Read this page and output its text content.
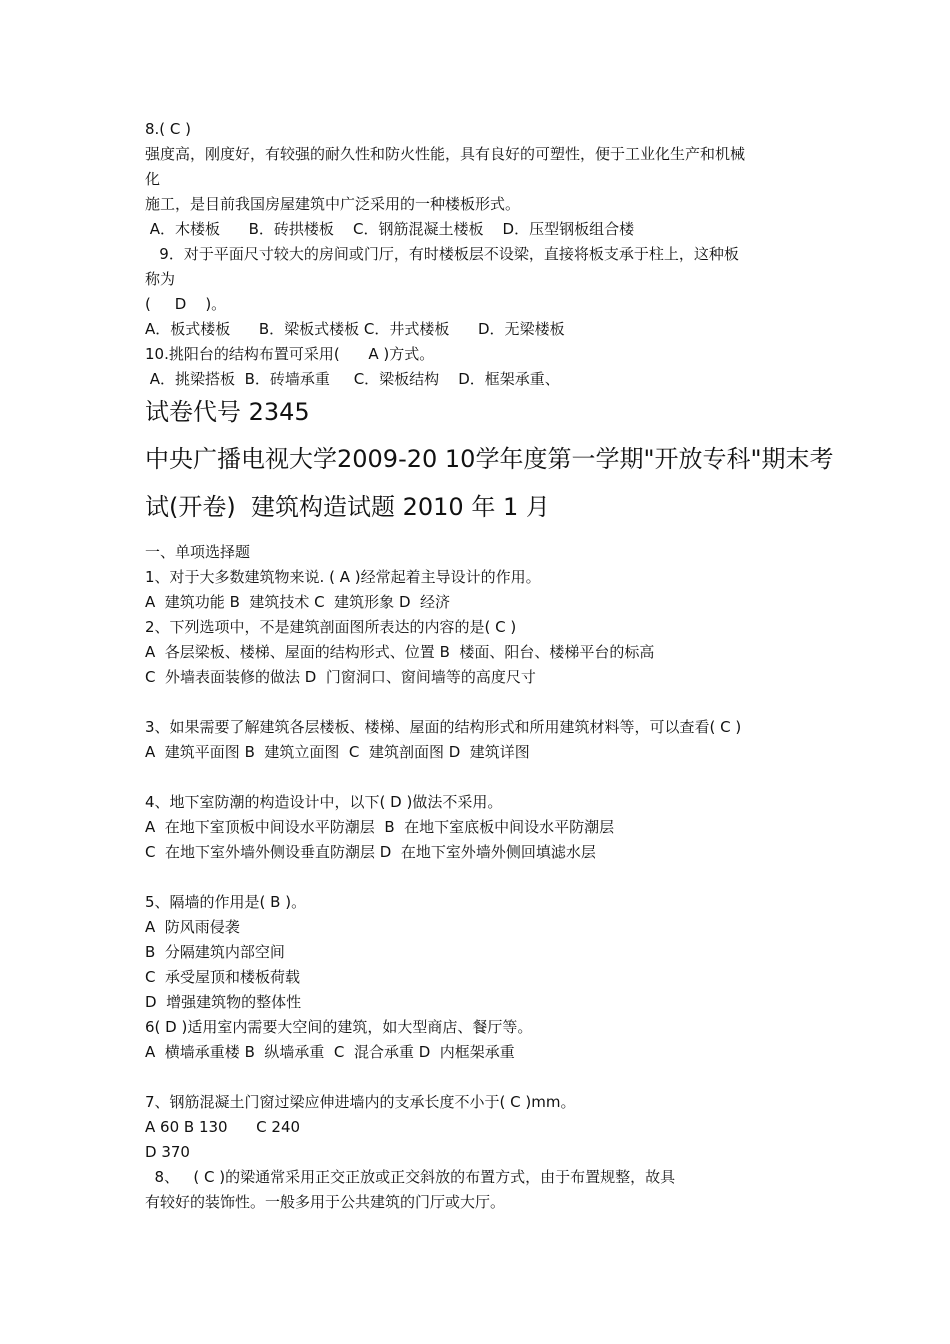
8.( C )

强度高，刚度好，有较强的耐久性和防火性能，具有良好的可塑性，便于工业化生产和机械

化

施工，是目前我国房屋建筑中广泛采用的一种楼板形式。

A．木楼板      B．砖拱楼板    C．钢筋混凝土楼板    D．压型钢板组合楼

9．对于平面尺寸较大的房间或门厅，有时楼板层不设梁，直接将板支承于柱上，这种板

称为

(     D    )。

A．板式楼板      B．梁板式楼板 C．井式楼板      D．无梁楼板

10.挑阳台的结构布置可采用(      A )方式。

A．挑梁搭板  B．砖墙承重     C．梁板结构    D．框架承重、

试卷代号 2345
中央广播电视大学2009-20 10学年度第一学期"开放专科"期末考
试(开卷)  建筑构造试题 2010 年 1 月

一、单项选择题

1、对于大多数建筑物来说. ( A )经常起着主导设计的作用。

A  建筑功能 B  建筑技术 C  建筑形象 D  经济

2、下列选项中，不是建筑剖面图所表达的内容的是( C )

A  各层梁板、楼梯、屋面的结构形式、位置 B  楼面、阳台、楼梯平台的标高

C  外墙表面装修的做法 D  门窗洞口、窗间墙等的高度尺寸

3、如果需要了解建筑各层楼板、楼梯、屋面的结构形式和所用建筑材料等，可以查看( C )

A  建筑平面图 B  建筑立面图  C  建筑剖面图 D  建筑详图

4、地下室防潮的构造设计中，以下( D )做法不采用。

A  在地下室顶板中间设水平防潮层  B  在地下室底板中间设水平防潮层

C  在地下室外墙外侧设垂直防潮层 D  在地下室外墙外侧回填滤水层

5、隔墙的作用是( B )。

A  防风雨侵袭

B  分隔建筑内部空间

C  承受屋顶和楼板荷载

D  增强建筑物的整体性

6( D )适用室内需要大空间的建筑，如大型商店、餐厅等。

A  横墙承重楼 B  纵墙承重  C  混合承重 D  内框架承重

7、钢筋混凝土门窗过梁应伸进墙内的支承长度不小于( C )mm。

A 60 B 130      C 240

D 370

8、   ( C )的梁通常采用正交正放或正交斜放的布置方式，由于布置规整，故具

有较好的装饰性。一般多用于公共建筑的门厅或大厅。
